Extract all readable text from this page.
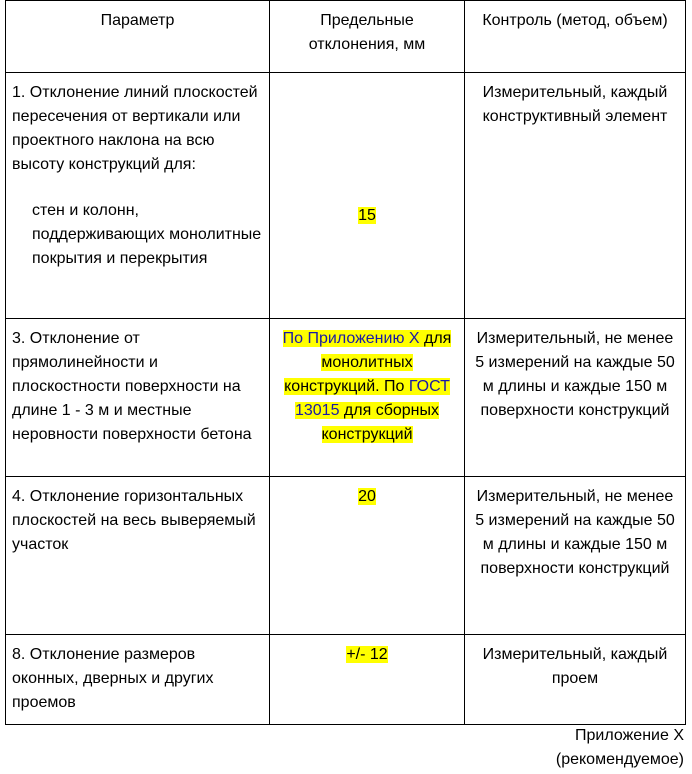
Параметр	Предельные отклонения, мм	Контроль (метод, объем)
1. Отклонение линий плоскостей пересечения от вертикали или проектного наклона на всю высоту конструкций для:
стен и колонн, поддерживающих монолитные покрытия и перекрытия	15	Измерительный, каждый конструктивный элемент
3. Отклонение от прямолинейности и плоскостности поверхности на длине 1 - 3 м и местные неровности поверхности бетона	По Приложению Х для монолитных конструкций. По ГОСТ 13015 для сборных конструкций	Измерительный, не менее 5 измерений на каждые 50 м длины и каждые 150 м поверхности конструкций
4. Отклонение горизонтальных плоскостей на весь выверяемый участок	20	Измерительный, не менее 5 измерений на каждые 50 м длины и каждые 150 м поверхности конструкций
8. Отклонение размеров оконных, дверных и других проемов	+/- 12	Измерительный, каждый проем
Приложение Х
(рекомендуемое)
